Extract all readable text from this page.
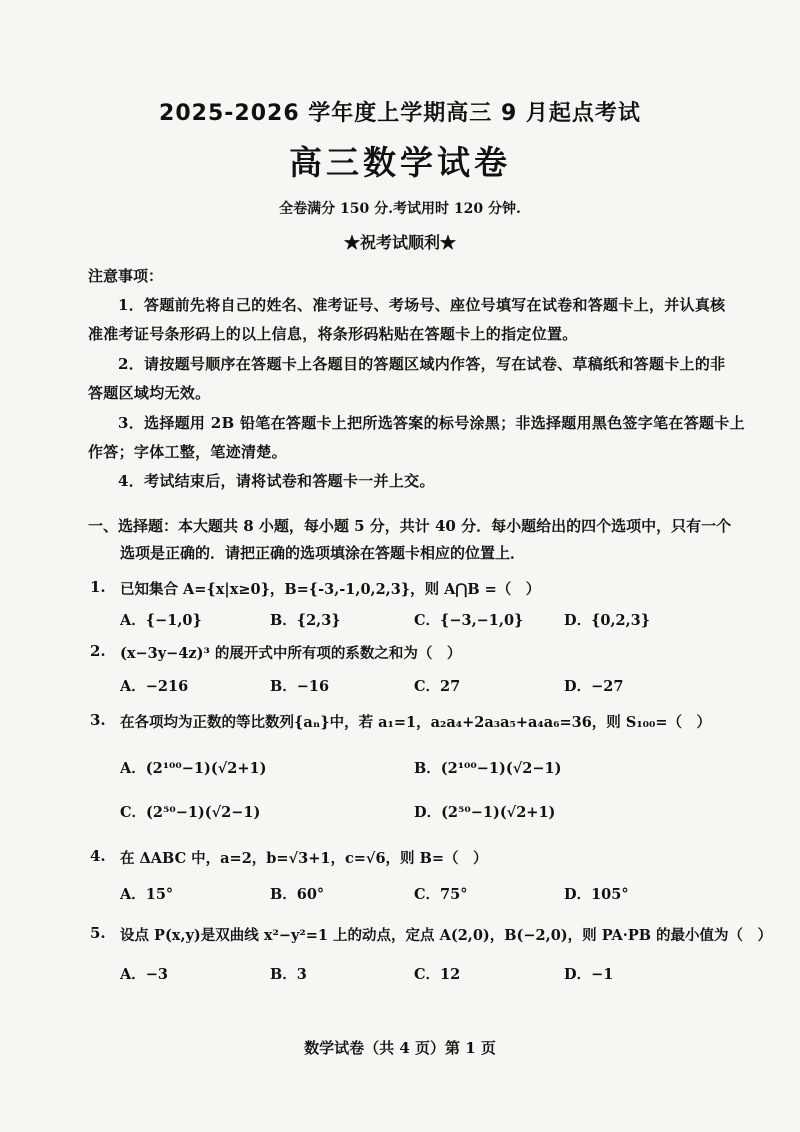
2025-2026 学年度上学期高三 9 月起点考试
高三数学试卷
全卷满分 150 分.考试用时 120 分钟.
★祝考试顺利★
注意事项：
1．答题前先将自己的姓名、准考证号、考场号、座位号填写在试卷和答题卡上，并认真核
准准考证号条形码上的以上信息，将条形码粘贴在答题卡上的指定位置。
2．请按题号顺序在答题卡上各题目的答题区域内作答，写在试卷、草稿纸和答题卡上的非
答题区域均无效。
3．选择题用 2B 铅笔在答题卡上把所选答案的标号涂黑；非选择题用黑色签字笔在答题卡上
作答；字体工整，笔迹清楚。
4．考试结束后，请将试卷和答题卡一并上交。
一、选择题：本大题共 8 小题，每小题 5 分，共计 40 分．每小题给出的四个选项中，只有一个
选项是正确的．请把正确的选项填涂在答题卡相应的位置上．
1. 已知集合 A={x|x≥0}，B={-3,-1,0,2,3}，则 A⋂B =（　）
A．{−1,0}	B．{2,3}	C．{−3,−1,0}	D．{0,2,3}
2. (x−3y−4z)³ 的展开式中所有项的系数之和为（　）
A．−216	B．−16	C．27	D．−27
3. 在各项均为正数的等比数列{aₙ}中，若 a₁=1，a₂a₄+2a₃a₅+a₄a₆=36，则 S₁₀₀=（　）
A．(2¹⁰⁰−1)(√2+1)	B．(2¹⁰⁰−1)(√2−1)
C．(2⁵⁰−1)(√2−1)	D．(2⁵⁰−1)(√2+1)
4. 在 ΔABC 中，a=2，b=√3+1，c=√6，则 B=（　）
A．15°	B．60°	C．75°	D．105°
5. 设点 P(x,y)是双曲线 x²−y²=1 上的动点，定点 A(2,0)，B(−2,0)，则 PA·PB 的最小值为（　）
A．−3	B．3	C．12	D．−1
数学试卷（共 4 页）第 1 页
